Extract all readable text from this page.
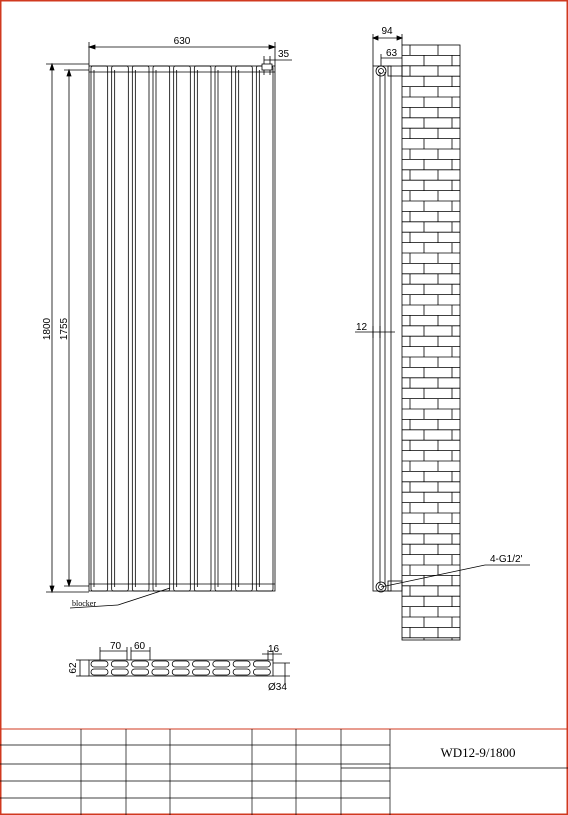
630
35
1800 1755
blocker
94
63
12
4-G1/2'
70 60	16
62
Ø34
WD12-9/1800
